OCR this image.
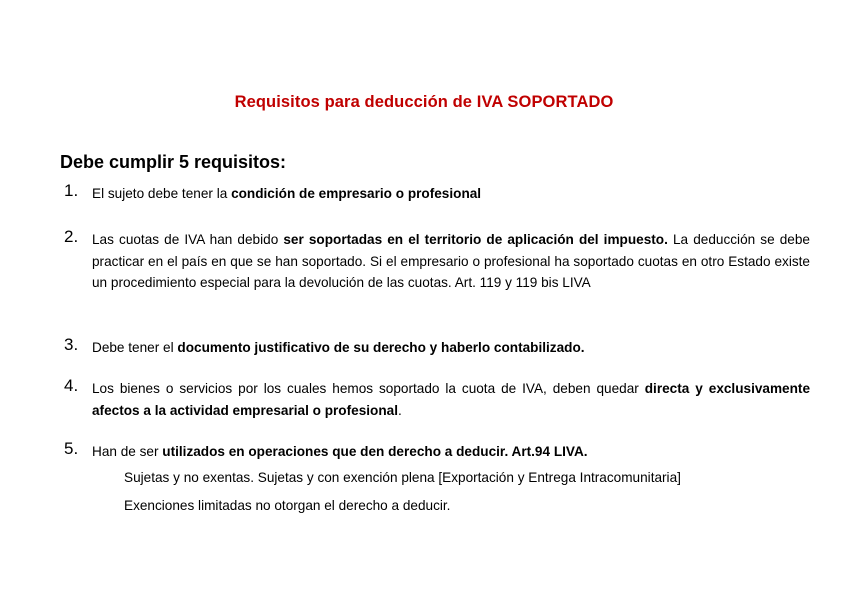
Requisitos para deducción de IVA SOPORTADO
Debe cumplir 5 requisitos:
1.	El sujeto debe tener la condición de empresario o profesional
2.	Las cuotas de IVA han debido ser soportadas en el territorio de aplicación del impuesto. La deducción se debe practicar en el país en que se han soportado. Si el empresario o profesional ha soportado cuotas en otro Estado existe un procedimiento especial para la devolución de las cuotas. Art. 119 y 119 bis LIVA
3.	Debe tener el documento justificativo de su derecho y haberlo contabilizado.
4.	Los bienes o servicios por los cuales hemos soportado la cuota de IVA, deben quedar directa y exclusivamente afectos a la actividad empresarial o profesional.
5.	Han de ser utilizados en operaciones que den derecho a deducir. Art.94 LIVA.
Sujetas y no exentas. Sujetas y con exención plena [Exportación y Entrega Intracomunitaria]
Exenciones limitadas no otorgan el derecho a deducir.
